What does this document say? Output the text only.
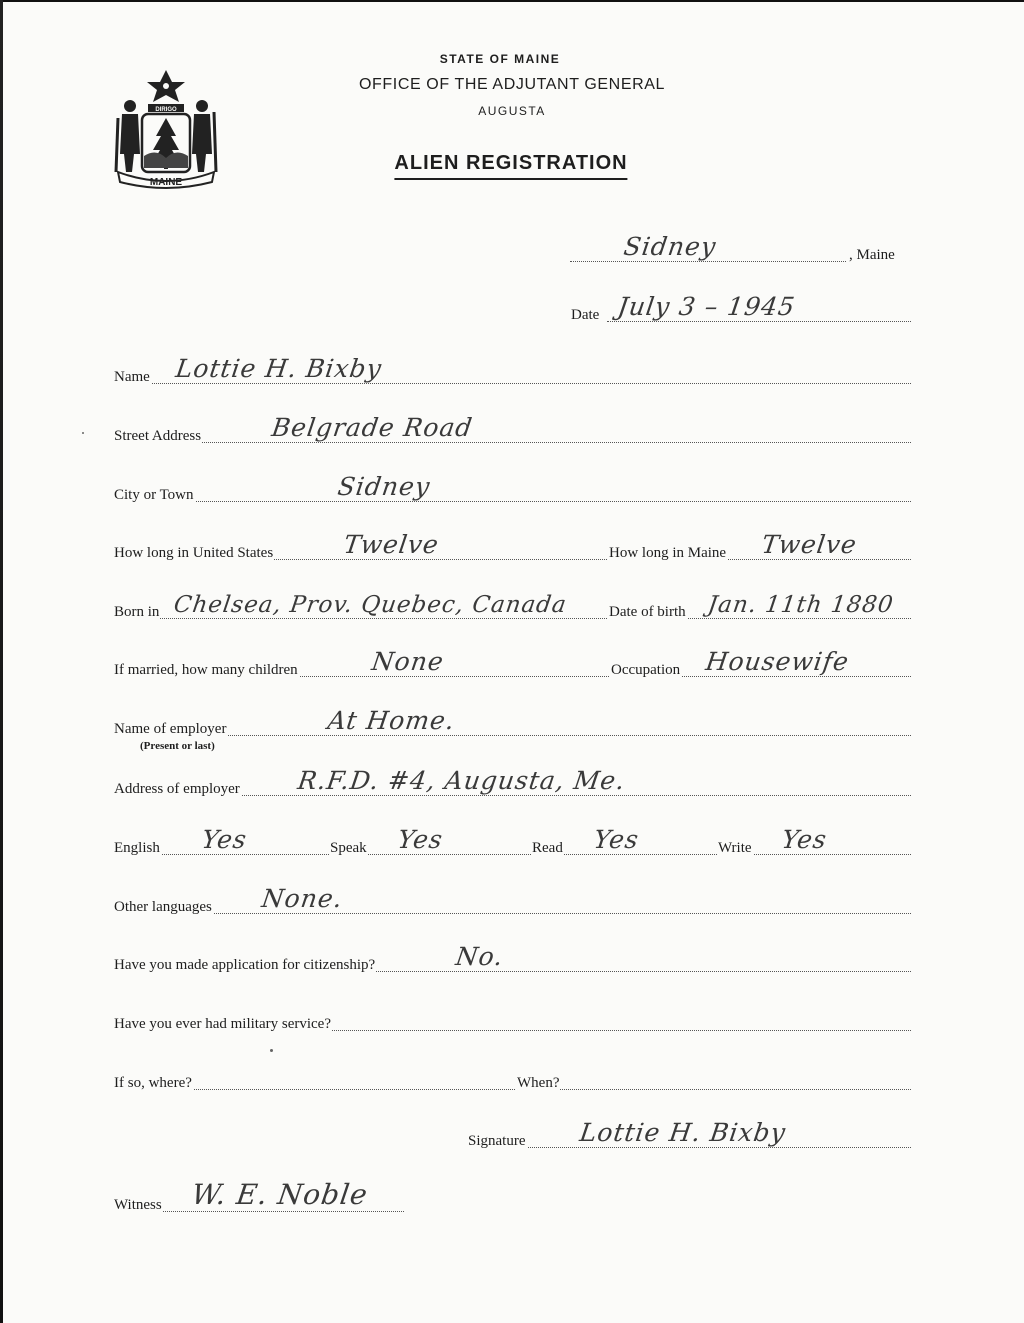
MAINE
DIRIGO
STATE OF MAINE
OFFICE OF THE ADJUTANT GENERAL
AUGUSTA
ALIEN REGISTRATION
Sidney	, Maine
Date July 3 – 1945
Name Lottie H. Bixby
Street Address	Belgrade Road
City or Town	Sidney
How long in United States	Twelve	How long in Maine Twelve
Born in Chelsea, Prov. Quebec, Canada	Date of birth Jan. 11th 1880
If married, how many children	None	Occupation Housewife
Name of employer	At Home.
(Present or last)
Address of employer R.F.D. #4, Augusta, Me.
English Yes	Speak Yes	Read Yes	Write Yes
Other languages None.
Have you made application for citizenship?	No.
Have you ever had military service?
If so, where?	When?
Signature Lottie H. Bixby
Witness W. E. Noble
